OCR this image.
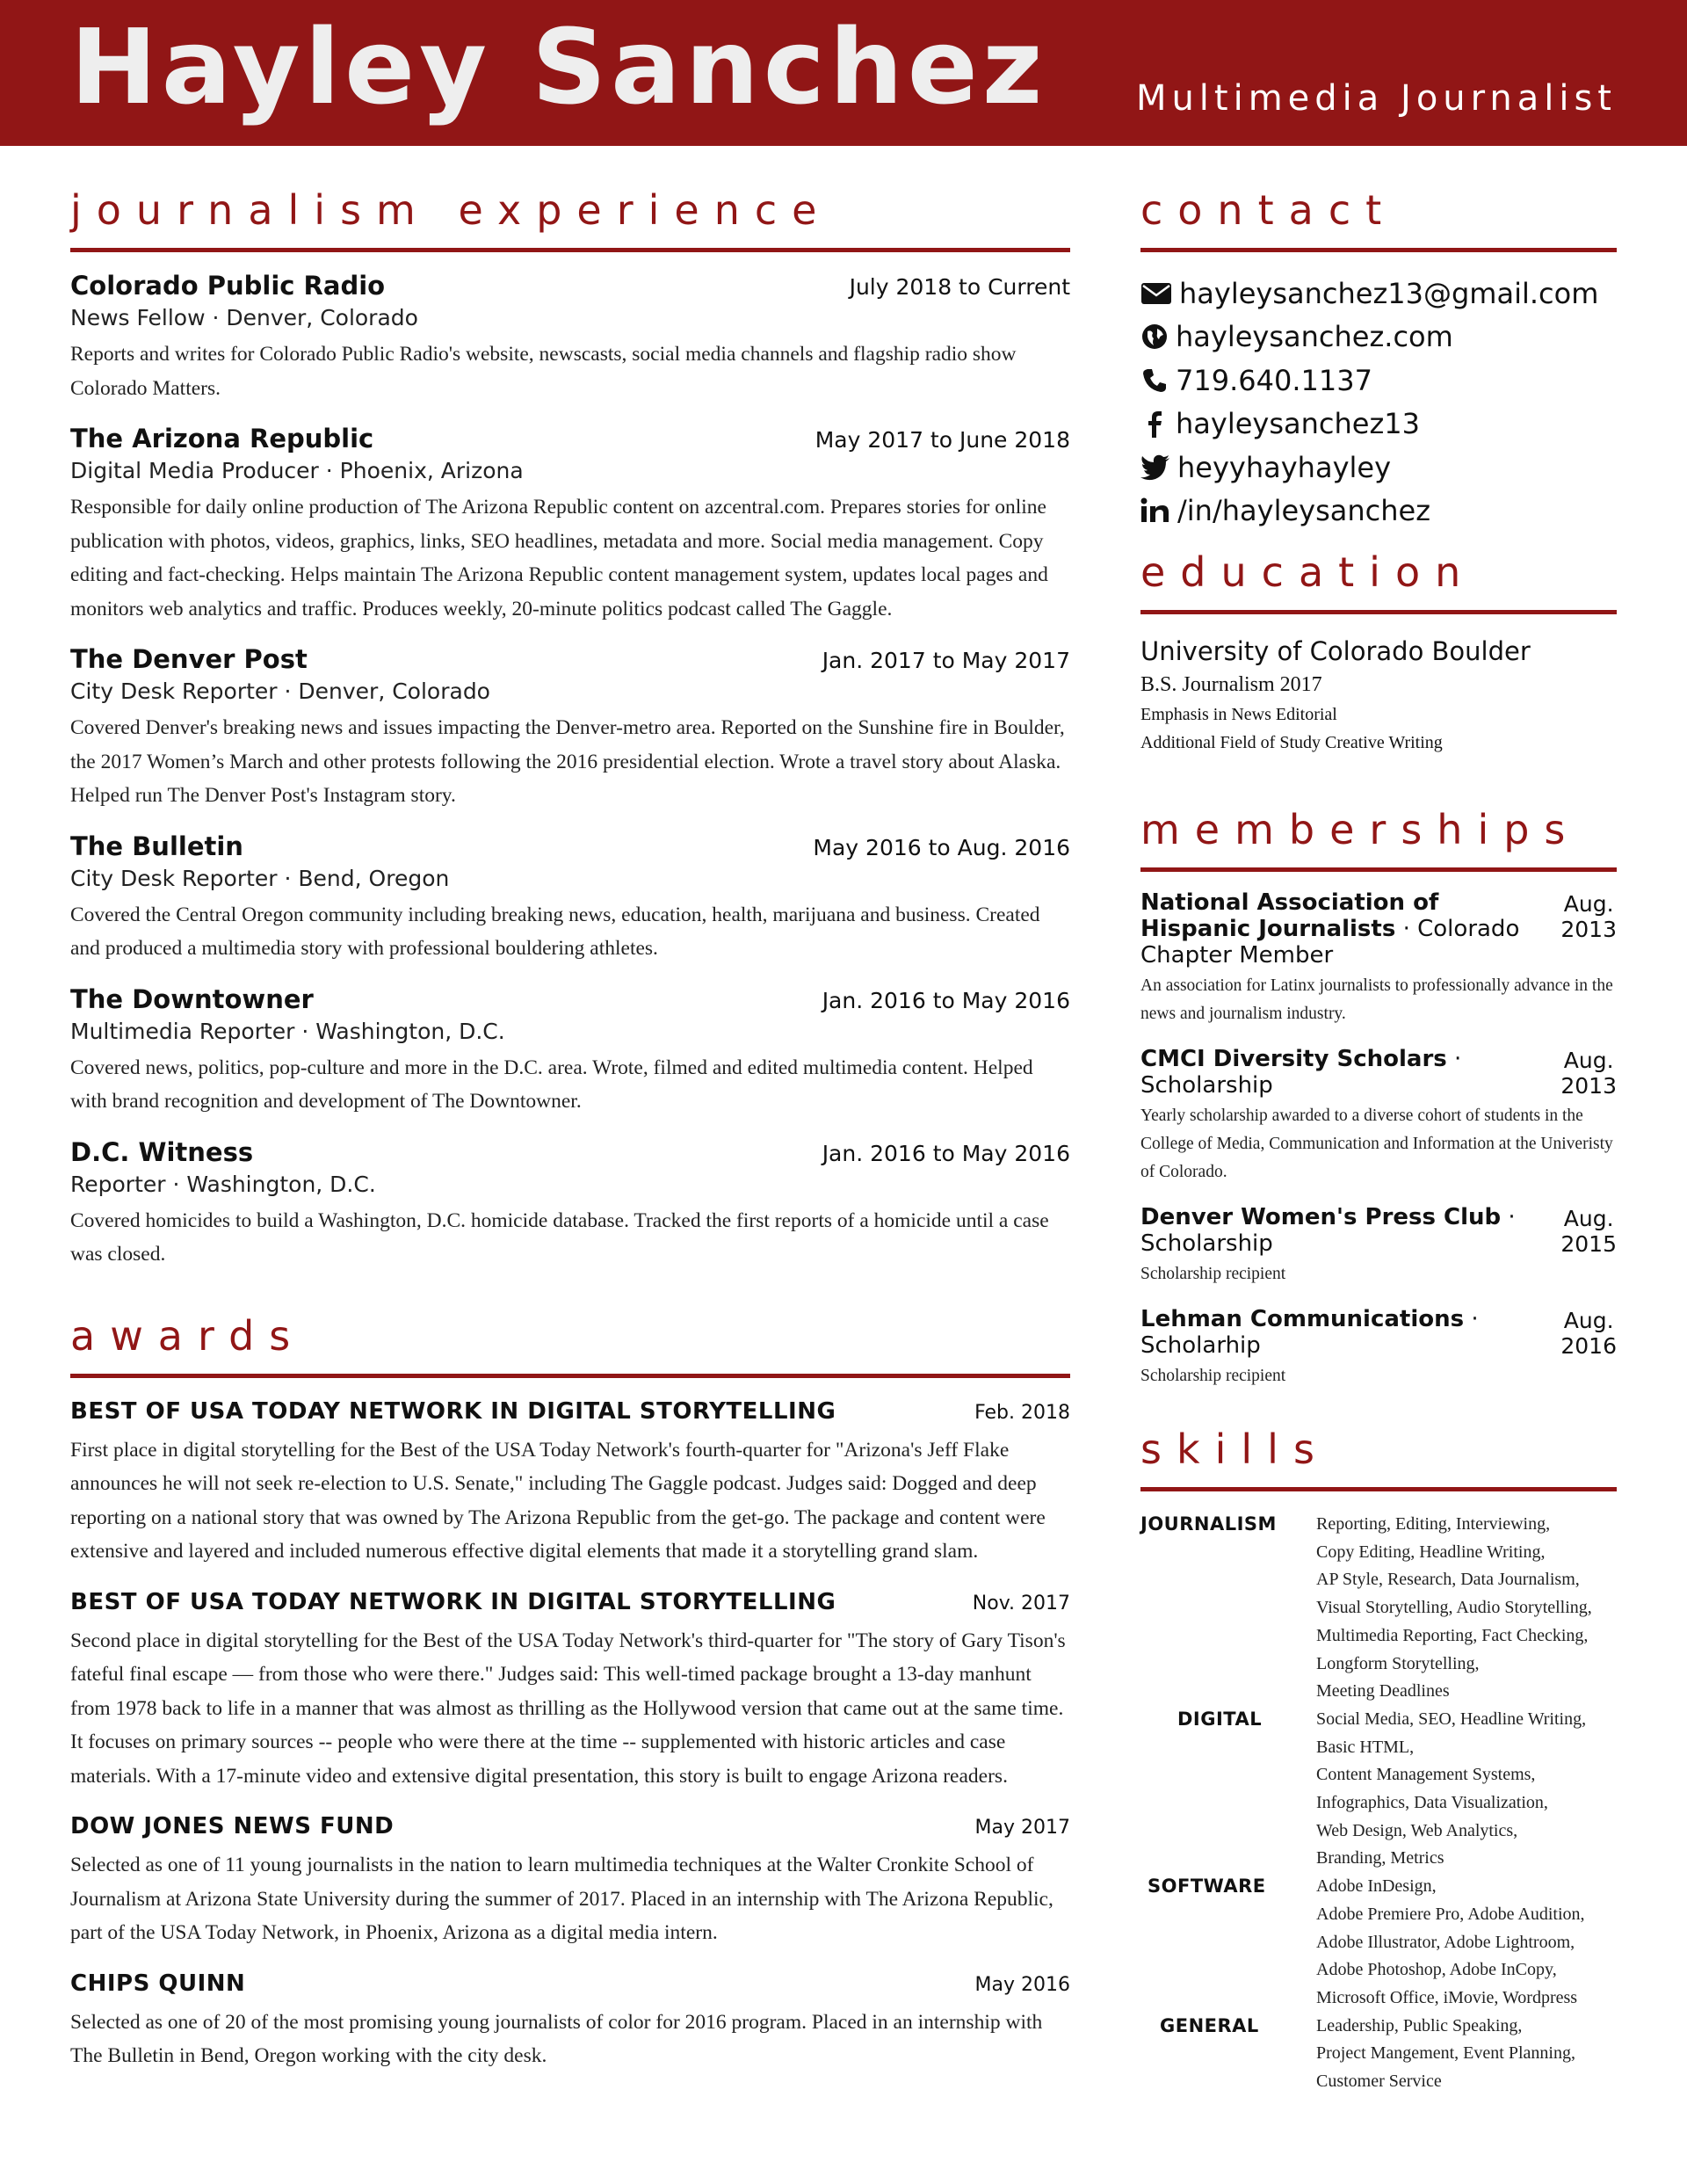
Hayley Sanchez	Multimedia Journalist
journalism experience
Colorado Public Radio	July 2018 to Current
News Fellow · Denver, Colorado
Reports and writes for Colorado Public Radio's website, newscasts, social media channels and flagship radio show Colorado Matters.
The Arizona Republic	May 2017 to June 2018
Digital Media Producer · Phoenix, Arizona
Responsible for daily online production of The Arizona Republic content on azcentral.com. Prepares stories for online publication with photos, videos, graphics, links, SEO headlines, metadata and more. Social media management. Copy editing and fact-checking. Helps maintain The Arizona Republic content management system, updates local pages and monitors web analytics and traffic. Produces weekly, 20-minute politics podcast called The Gaggle.
The Denver Post	Jan. 2017 to May 2017
City Desk Reporter · Denver, Colorado
Covered Denver's breaking news and issues impacting the Denver-metro area. Reported on the Sunshine fire in Boulder, the 2017 Women’s March and other protests following the 2016 presidential election. Wrote a travel story about Alaska. Helped run The Denver Post's Instagram story.
The Bulletin	May 2016 to Aug. 2016
City Desk Reporter · Bend, Oregon
Covered the Central Oregon community including breaking news, education, health, marijuana and business. Created and produced a multimedia story with professional bouldering athletes.
The Downtowner	Jan. 2016 to May 2016
Multimedia Reporter · Washington, D.C.
Covered news, politics, pop-culture and more in the D.C. area. Wrote, filmed and edited multimedia content. Helped with brand recognition and development of The Downtowner.
D.C. Witness	Jan. 2016 to May 2016
Reporter · Washington, D.C.
Covered homicides to build a Washington, D.C. homicide database. Tracked the first reports of a homicide until a case was closed.
awards
BEST OF USA TODAY NETWORK IN DIGITAL STORYTELLING	Feb. 2018
First place in digital storytelling for the Best of the USA Today Network's fourth-quarter for "Arizona's Jeff Flake announces he will not seek re-election to U.S. Senate," including The Gaggle podcast. Judges said: Dogged and deep reporting on a national story that was owned by The Arizona Republic from the get-go. The package and content were extensive and layered and included numerous effective digital elements that made it a storytelling grand slam.
BEST OF USA TODAY NETWORK IN DIGITAL STORYTELLING	Nov. 2017
Second place in digital storytelling for the Best of the USA Today Network's third-quarter for "The story of Gary Tison's fateful final escape — from those who were there." Judges said: This well-timed package brought a 13-day manhunt from 1978 back to life in a manner that was almost as thrilling as the Hollywood version that came out at the same time. It focuses on primary sources -- people who were there at the time -- supplemented with historic articles and case materials. With a 17-minute video and extensive digital presentation, this story is built to engage Arizona readers.
DOW JONES NEWS FUND	May 2017
Selected as one of 11 young journalists in the nation to learn multimedia techniques at the Walter Cronkite School of Journalism at Arizona State University during the summer of 2017. Placed in an internship with The Arizona Republic, part of the USA Today Network, in Phoenix, Arizona as a digital media intern.
CHIPS QUINN	May 2016
Selected as one of 20 of the most promising young journalists of color for 2016 program. Placed in an internship with The Bulletin in Bend, Oregon working with the city desk.
contact
hayleysanchez13@gmail.com
hayleysanchez.com
719.640.1137
hayleysanchez13
heyyhayhayley
/in/hayleysanchez
education
University of Colorado Boulder
B.S. Journalism 2017
Emphasis in News Editorial
Additional Field of Study Creative Writing
memberships
National Association of Hispanic Journalists · Colorado Chapter Member
Aug.
2013
An association for Latinx journalists to professionally advance in the news and journalism industry.
CMCI Diversity Scholars · Scholarship
Aug.
2013
Yearly scholarship awarded to a diverse cohort of students in the College of Media, Communication and Information at the Univeristy of Colorado.
Denver Women's Press Club · Scholarship
Aug.
2015
Scholarship recipient
Lehman Communications · Scholarhip
Aug.
2016
Scholarship recipient
skills
JOURNALISM	Reporting, Editing, Interviewing,
Copy Editing, Headline Writing,
AP Style, Research, Data Journalism,
Visual Storytelling, Audio Storytelling,
Multimedia Reporting, Fact Checking,
Longform Storytelling,
Meeting Deadlines
DIGITAL	Social Media, SEO, Headline Writing,
Basic HTML,
Content Management Systems,
Infographics, Data Visualization,
Web Design, Web Analytics,
Branding, Metrics
SOFTWARE	Adobe InDesign,
Adobe Premiere Pro, Adobe Audition,
Adobe Illustrator, Adobe Lightroom,
Adobe Photoshop, Adobe InCopy,
Microsoft Office, iMovie, Wordpress
GENERAL	Leadership, Public Speaking,
Project Mangement, Event Planning,
Customer Service
